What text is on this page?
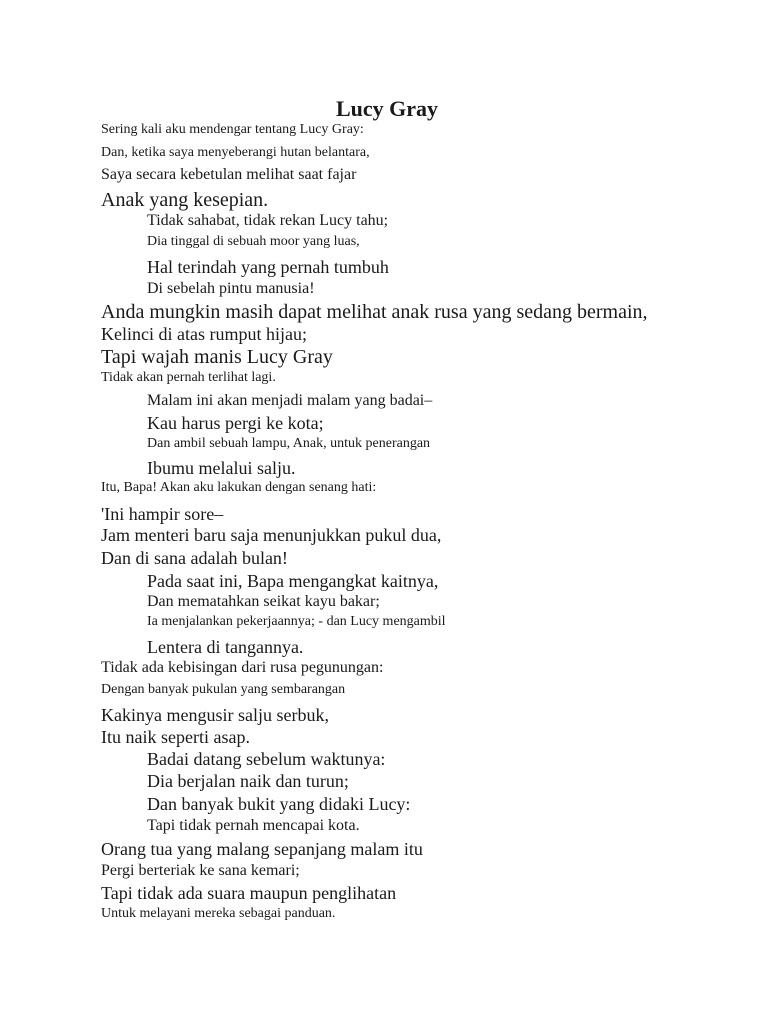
Lucy Gray
Sering kali aku mendengar tentang Lucy Gray:
Dan, ketika saya menyeberangi hutan belantara,
Saya secara kebetulan melihat saat fajar
Anak yang kesepian.
Tidak sahabat, tidak rekan Lucy tahu;
Dia tinggal di sebuah moor yang luas,
Hal terindah yang pernah tumbuh
Di sebelah pintu manusia!
Anda mungkin masih dapat melihat anak rusa yang sedang bermain,
Kelinci di atas rumput hijau;
Tapi wajah manis Lucy Gray
Tidak akan pernah terlihat lagi.
Malam ini akan menjadi malam yang badai–
Kau harus pergi ke kota;
Dan ambil sebuah lampu, Anak, untuk penerangan
Ibumu melalui salju.
Itu, Bapa! Akan aku lakukan dengan senang hati:
'Ini hampir sore–
Jam menteri baru saja menunjukkan pukul dua,
Dan di sana adalah bulan!
Pada saat ini, Bapa mengangkat kaitnya,
Dan mematahkan seikat kayu bakar;
Ia menjalankan pekerjaannya; - dan Lucy mengambil
Lentera di tangannya.
Tidak ada kebisingan dari rusa pegunungan:
Dengan banyak pukulan yang sembarangan
Kakinya mengusir salju serbuk,
Itu naik seperti asap.
Badai datang sebelum waktunya:
Dia berjalan naik dan turun;
Dan banyak bukit yang didaki Lucy:
Tapi tidak pernah mencapai kota.
Orang tua yang malang sepanjang malam itu
Pergi berteriak ke sana kemari;
Tapi tidak ada suara maupun penglihatan
Untuk melayani mereka sebagai panduan.
